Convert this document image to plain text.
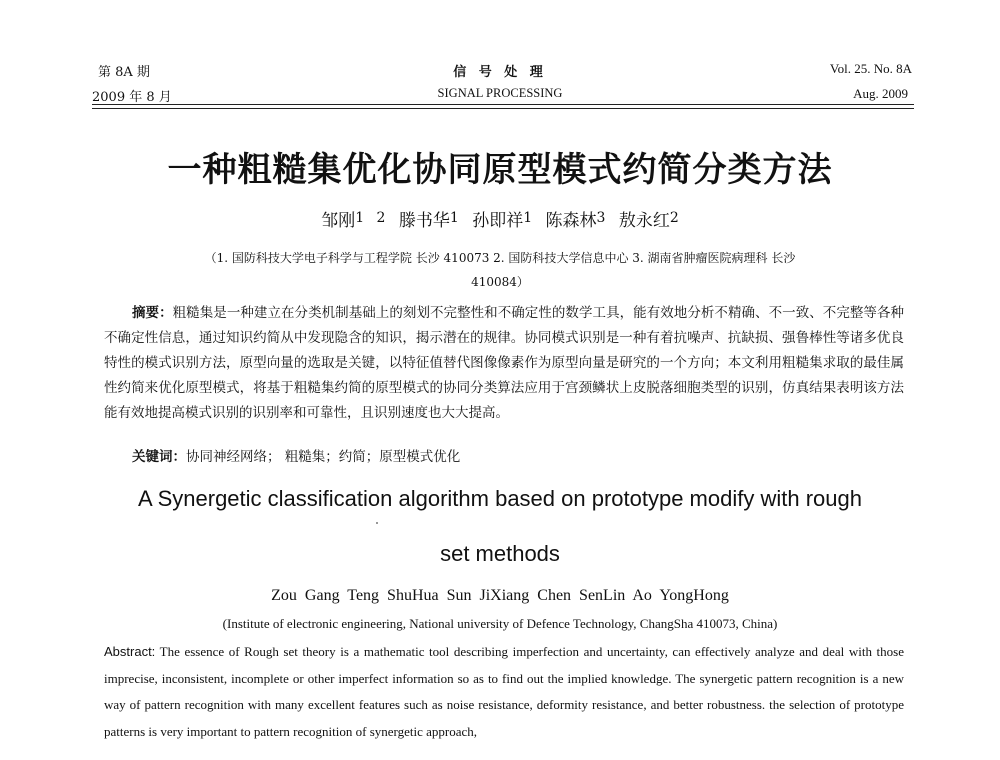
第 8A 期
2009 年 8 月
信 号 处 理
SIGNAL PROCESSING
Vol. 25. No. 8A
Aug. 2009
一种粗糙集优化协同原型模式约简分类方法
邹刚$^{1 2}$ 滕书华$^1$ 孙即祥$^1$ 陈森林$^3$ 敖永红$^2$
（1. 国防科技大学电子科学与工程学院 长沙 410073 2. 国防科技大学信息中心 3. 湖南省肿瘤医院病理科 长沙
410084）
摘要：粗糙集是一种建立在分类机制基础上的刻划不完整性和不确定性的数学工具，能有效地分析不精确、不一致、不完整等各种不确定性信息，通过知识约简从中发现隐含的知识，揭示潜在的规律。协同模式识别是一种有着抗噪声、抗缺损、强鲁棒性等诸多优良特性的模式识别方法，原型向量的选取是关键，以特征值替代图像像素作为原型向量是研究的一个方向；本文利用粗糙集求取的最佳属性约简来优化原型模式，将基于粗糙集约简的原型模式的协同分类算法应用于宫颈鳞状上皮脱落细胞类型的识别，仿真结果表明该方法能有效地提高模式识别的识别率和可靠性，且识别速度也大大提高。
关键词：协同神经网络； 粗糙集；约简；原型模式优化
A Synergetic classification algorithm based on prototype modify with rough
set methods
Zou Gang Teng ShuHua Sun JiXiang Chen SenLin Ao YongHong
(Institute of electronic engineering, National university of Defence Technology, ChangSha 410073, China)
Abstract: The essence of Rough set theory is a mathematic tool describing imperfection and uncertainty, can effectively analyze and deal with those imprecise, inconsistent, incomplete or other imperfect information so as to find out the implied knowledge. The synergetic pattern recognition is a new way of pattern recognition with many excellent features such as noise resistance, deformity resistance, and better robustness. the selection of prototype patterns is very important to pattern recognition of synergetic approach,
